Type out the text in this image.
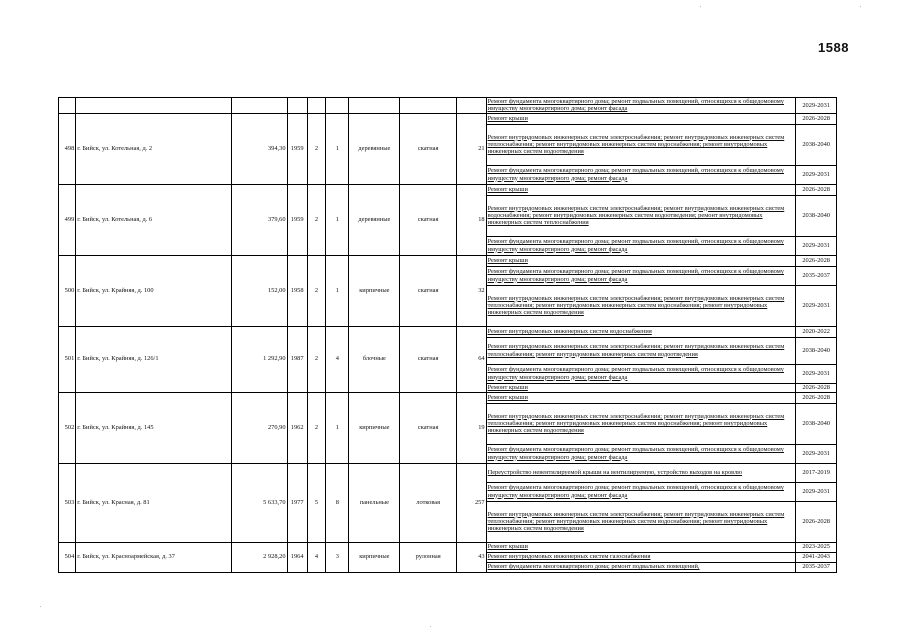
1588
									Ремонт фундамента многоквартирного дома; ремонт подвальных помещений, относящихся к общедомовому имуществу многоквартирного дома; ремонт фасада	2029-2031
498	г. Бийск, ул. Котельная, д. 2	394,30	1959	2	1	деревянные	скатная	21	Ремонт крыши	2026-2028
									Ремонт внутридомовых инженерных систем электроснабжения; ремонт внутридомовых инженерных систем теплоснабжения; ремонт внутридомовых инженерных систем водоснабжения; ремонт внутридомовых инженерных систем водоотведения	2038-2040
									Ремонт фундамента многоквартирного дома; ремонт подвальных помещений, относящихся к общедомовому имуществу многоквартирного дома; ремонт фасада	2029-2031
499	г. Бийск, ул. Котельная, д. 6	379,60	1959	2	1	деревянные	скатная	18	Ремонт крыши	2026-2028
									Ремонт внутридомовых инженерных систем электроснабжения; ремонт внутридомовых инженерных систем водоснабжения; ремонт внутридомовых инженерных систем водоотведения; ремонт внутридомовых инженерных систем теплоснабжения	2038-2040
									Ремонт фундамента многоквартирного дома; ремонт подвальных помещений, относящихся к общедомовому имуществу многоквартирного дома; ремонт фасада	2029-2031
500	г. Бийск, ул. Крайняя, д. 100	152,00	1958	2	1	кирпичные	скатная	32	Ремонт крыши	2026-2028
									Ремонт фундамента многоквартирного дома; ремонт подвальных помещений, относящихся к общедомовому имуществу многоквартирного дома; ремонт фасада	2035-2037
									Ремонт внутридомовых инженерных систем электроснабжения; ремонт внутридомовых инженерных систем теплоснабжения; ремонт внутридомовых инженерных систем водоснабжения; ремонт внутридомовых инженерных систем водоотведения	2029-2031
501	г. Бийск, ул. Крайняя, д. 126/1	1 292,90	1987	2	4	блочные	скатная	64	Ремонт внутридомовых инженерных систем водоснабжения	2020-2022
									Ремонт внутридомовых инженерных систем электроснабжения; ремонт внутридомовых инженерных систем теплоснабжения; ремонт внутридомовых инженерных систем водоотведения	2038-2040
									Ремонт фундамента многоквартирного дома; ремонт подвальных помещений, относящихся к общедомовому имуществу многоквартирного дома; ремонт фасада	2029-2031
									Ремонт крыши	2026-2028
502	г. Бийск, ул. Крайняя, д. 145	270,90	1962	2	1	кирпичные	скатная	19	Ремонт крыши	2026-2028
									Ремонт внутридомовых инженерных систем электроснабжения; ремонт внутридомовых инженерных систем теплоснабжения; ремонт внутридомовых инженерных систем водоснабжения; ремонт внутридомовых инженерных систем водоотведения	2038-2040
									Ремонт фундамента многоквартирного дома; ремонт подвальных помещений, относящихся к общедомовому имуществу многоквартирного дома; ремонт фасада	2029-2031
503	г. Бийск, ул. Красная, д. 81	5 633,70	1977	5	8	панельные	лотковая	257	Переустройство невентилируемой крыши на вентилируемую, устройство выходов на кровлю	2017-2019
									Ремонт фундамента многоквартирного дома; ремонт подвальных помещений, относящихся к общедомовому имуществу многоквартирного дома; ремонт фасада	2029-2031
									Ремонт внутридомовых инженерных систем электроснабжения; ремонт внутридомовых инженерных систем теплоснабжения; ремонт внутридомовых инженерных систем водоснабжения; ремонт внутридомовых инженерных систем водоотведения	2026-2028
504	г. Бийск, ул. Красноармейская, д. 37	2 928,20	1964	4	3	кирпичные	рулонная	43	Ремонт крыши	2023-2025
									Ремонт внутридомовых инженерных систем газоснабжения	2041-2043
									Ремонт фундамента многоквартирного дома; ремонт подвальных помещений,	2035-2037
